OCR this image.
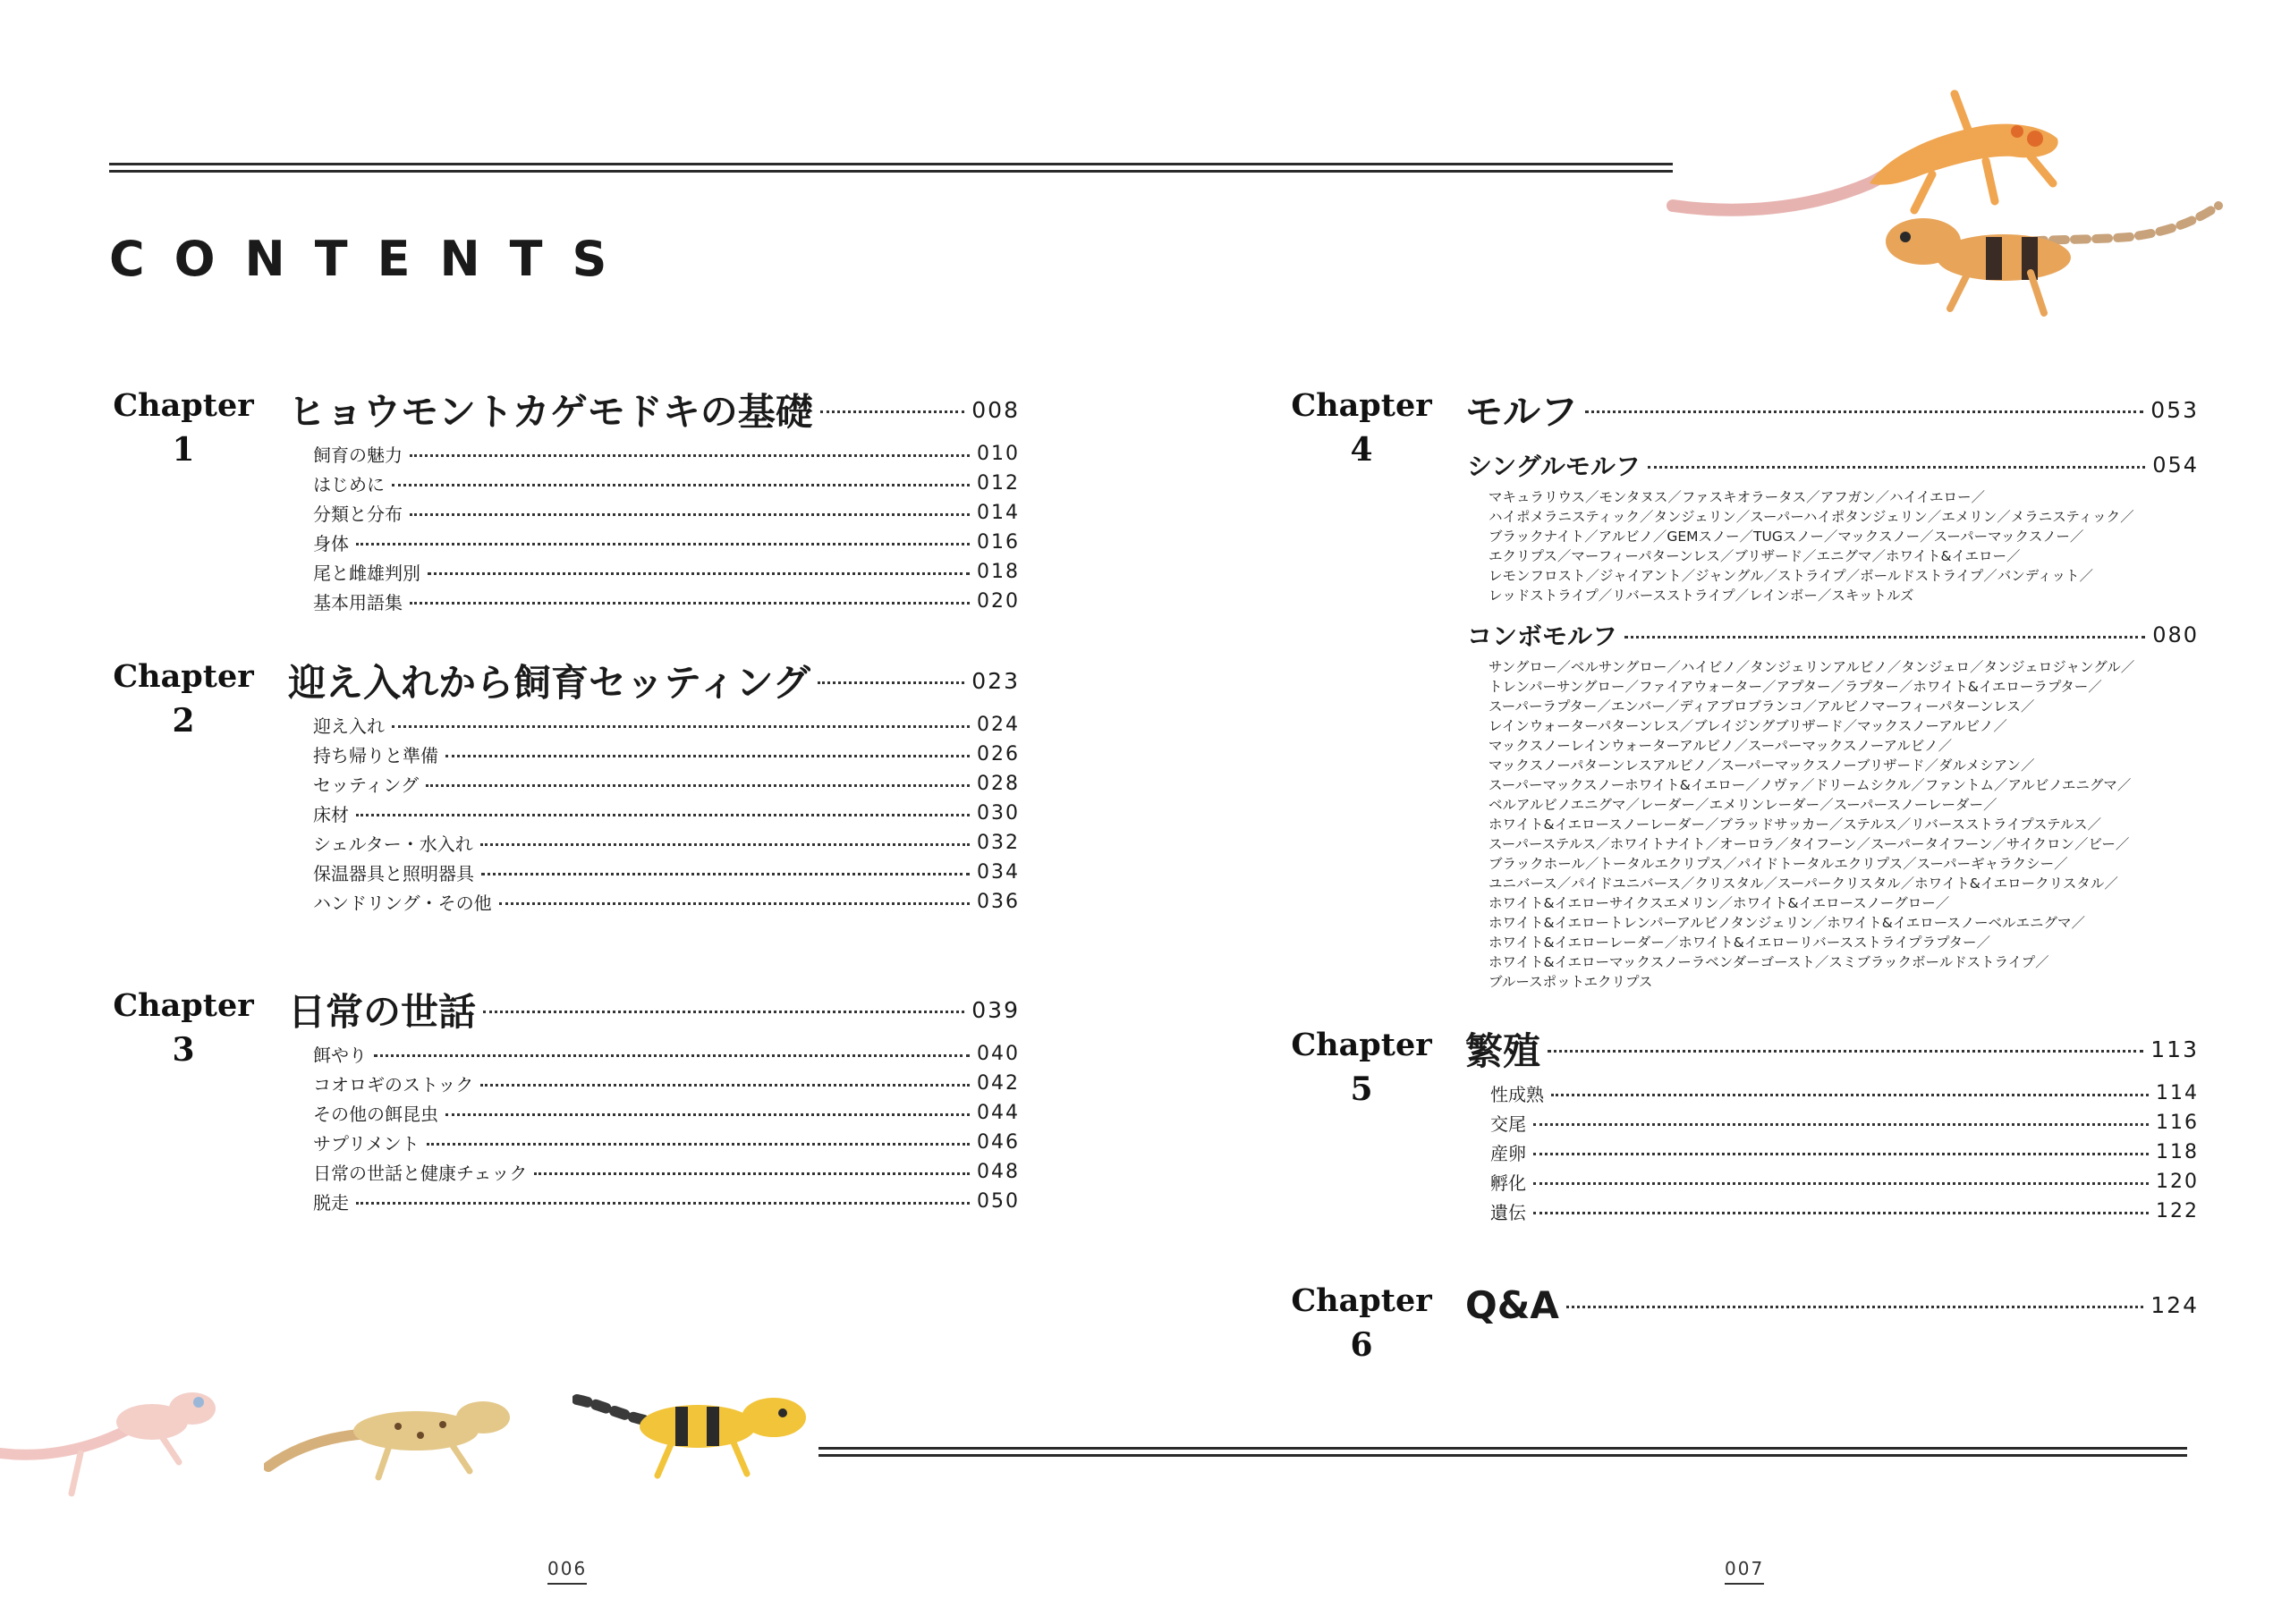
CONTENTS
Chapter
1
ヒョウモントカゲモドキの基礎	008
飼育の魅力	010
はじめに	012
分類と分布	014
身体	016
尾と雌雄判別	018
基本用語集	020
Chapter
2
迎え入れから飼育セッティング	023
迎え入れ	024
持ち帰りと準備	026
セッティング	028
床材	030
シェルター・水入れ	032
保温器具と照明器具	034
ハンドリング・その他	036
Chapter
3
日常の世話	039
餌やり	040
コオロギのストック	042
その他の餌昆虫	044
サプリメント	046
日常の世話と健康チェック	048
脱走	050
Chapter
4
モルフ	053
シングルモルフ	054
マキュラリウス／モンタヌス／ファスキオラータス／アフガン／ハイイエロー／
ハイポメラニスティック／タンジェリン／スーパーハイポタンジェリン／エメリン／メラニスティック／
ブラックナイト／アルビノ／GEMスノー／TUGスノー／マックスノー／スーパーマックスノー／
エクリプス／マーフィーパターンレス／ブリザード／エニグマ／ホワイト&イエロー／
レモンフロスト／ジャイアント／ジャングル／ストライプ／ボールドストライプ／バンディット／
レッドストライプ／リバースストライプ／レインボー／スキットルズ
コンボモルフ	080
サングロー／ベルサングロー／ハイビノ／タンジェリンアルビノ／タンジェロ／タンジェロジャングル／
トレンパーサングロー／ファイアウォーター／アプター／ラプター／ホワイト&イエローラプター／
スーパーラプター／エンバー／ディアブロブランコ／アルビノマーフィーパターンレス／
レインウォーターパターンレス／ブレイジングブリザード／マックスノーアルビノ／
マックスノーレインウォーターアルビノ／スーパーマックスノーアルビノ／
マックスノーパターンレスアルビノ／スーパーマックスノーブリザード／ダルメシアン／
スーパーマックスノーホワイト&イエロー／ノヴァ／ドリームシクル／ファントム／アルビノエニグマ／
ベルアルビノエニグマ／レーダー／エメリンレーダー／スーパースノーレーダー／
ホワイト&イエロースノーレーダー／ブラッドサッカー／ステルス／リバースストライプステルス／
スーパーステルス／ホワイトナイト／オーロラ／タイフーン／スーパータイフーン／サイクロン／ビー／
ブラックホール／トータルエクリプス／パイドトータルエクリプス／スーパーギャラクシー／
ユニバース／パイドユニバース／クリスタル／スーパークリスタル／ホワイト&イエロークリスタル／
ホワイト&イエローサイクスエメリン／ホワイト&イエロースノーグロー／
ホワイト&イエロートレンパーアルビノタンジェリン／ホワイト&イエロースノーベルエニグマ／
ホワイト&イエローレーダー／ホワイト&イエローリバースストライプラプター／
ホワイト&イエローマックスノーラベンダーゴースト／スミブラックボールドストライプ／
ブルースポットエクリプス
Chapter
5
繁殖	113
性成熟	114
交尾	116
産卵	118
孵化	120
遺伝	122
Chapter
6
Q&A	124
006	007
